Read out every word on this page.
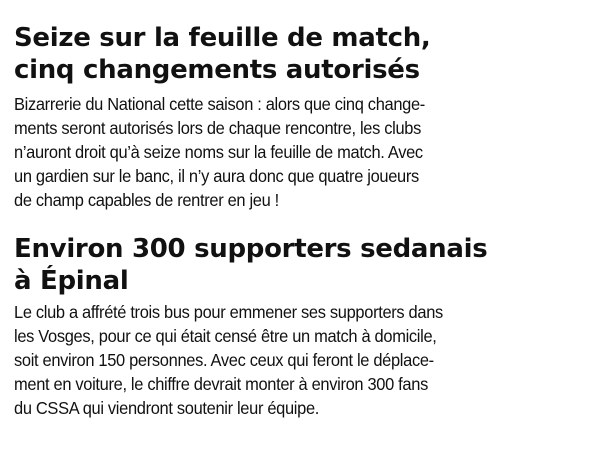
Seize sur la feuille de match,
cinq changements autorisés

Bizarrerie du National cette saison : alors que cinq change-
ments seront autorisés lors de chaque rencontre, les clubs
n’auront droit qu’à seize noms sur la feuille de match. Avec
un gardien sur le banc, il n’y aura donc que quatre joueurs
de champ capables de rentrer en jeu !

Environ 300 supporters sedanais
à Épinal

Le club a affrété trois bus pour emmener ses supporters dans
les Vosges, pour ce qui était censé être un match à domicile,
soit environ 150 personnes. Avec ceux qui feront le déplace-
ment en voiture, le chiffre devrait monter à environ 300 fans
du CSSA qui viendront soutenir leur équipe.
